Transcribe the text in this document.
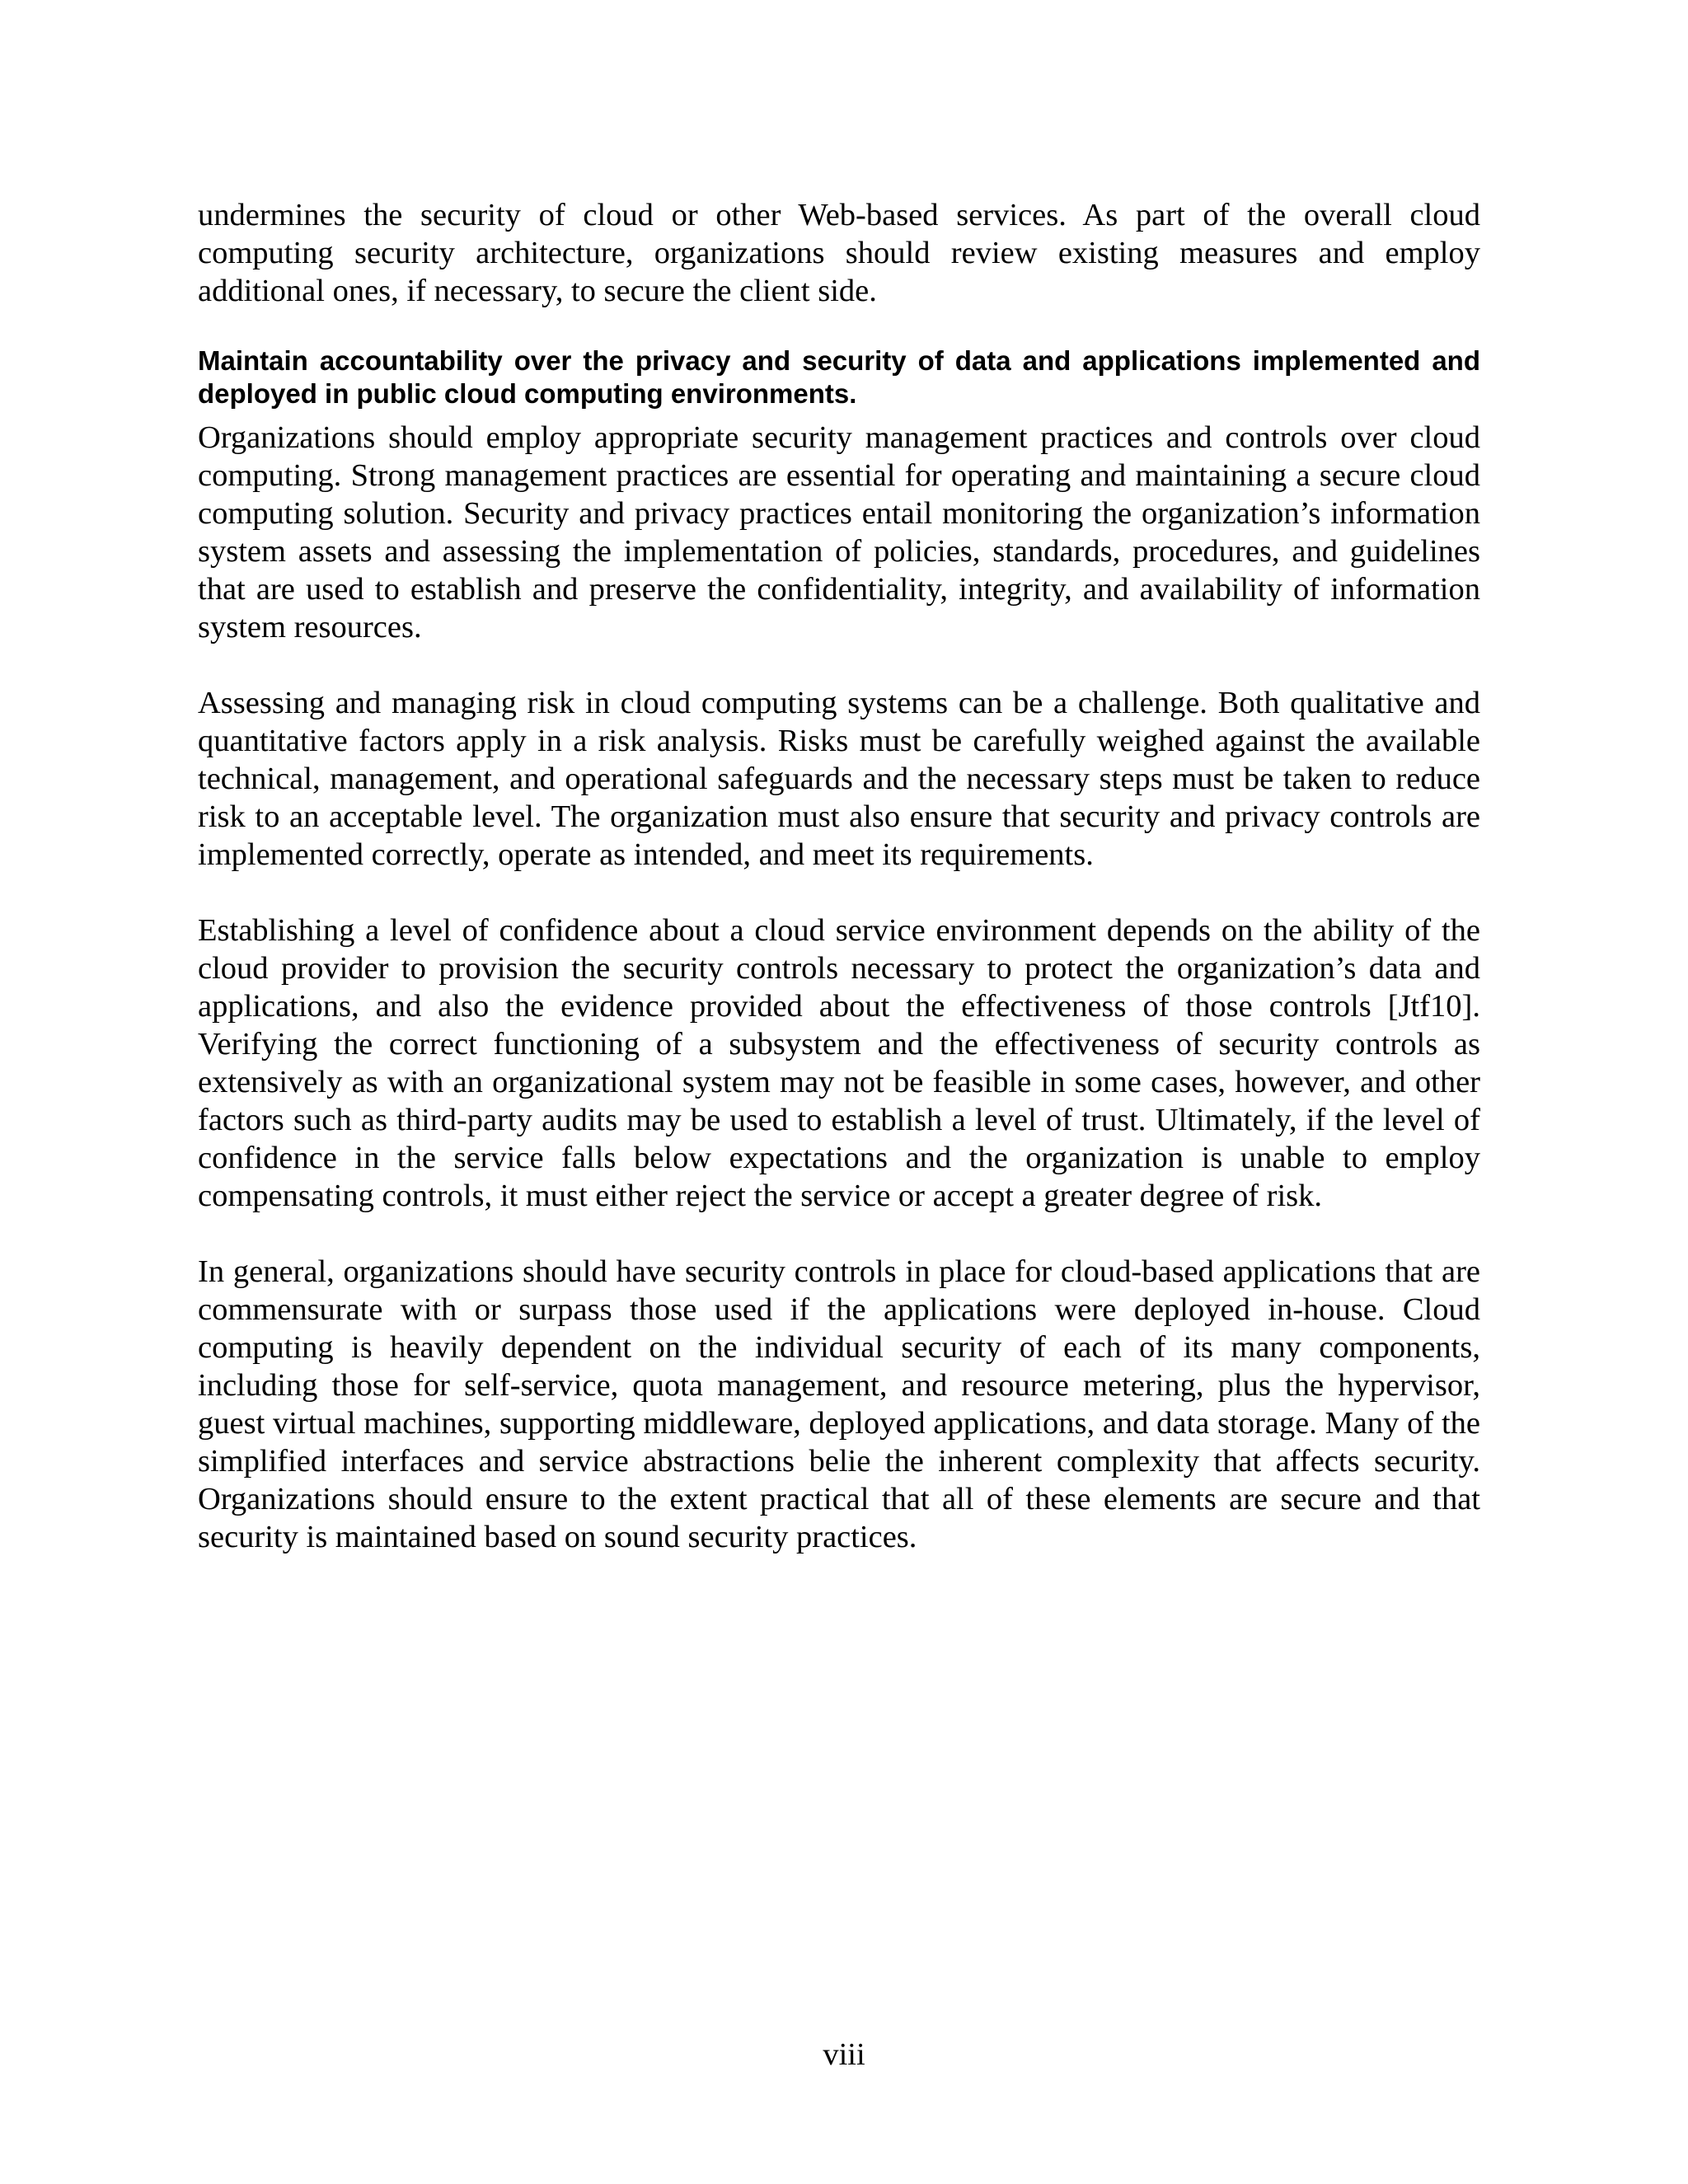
undermines the security of cloud or other Web-based services. As part of the overall cloud computing security architecture, organizations should review existing measures and employ additional ones, if necessary, to secure the client side.

Maintain accountability over the privacy and security of data and applications implemented and deployed in public cloud computing environments.

Organizations should employ appropriate security management practices and controls over cloud computing. Strong management practices are essential for operating and maintaining a secure cloud computing solution. Security and privacy practices entail monitoring the organization’s information system assets and assessing the implementation of policies, standards, procedures, and guidelines that are used to establish and preserve the confidentiality, integrity, and availability of information system resources.

Assessing and managing risk in cloud computing systems can be a challenge. Both qualitative and quantitative factors apply in a risk analysis. Risks must be carefully weighed against the available technical, management, and operational safeguards and the necessary steps must be taken to reduce risk to an acceptable level. The organization must also ensure that security and privacy controls are implemented correctly, operate as intended, and meet its requirements.

Establishing a level of confidence about a cloud service environment depends on the ability of the cloud provider to provision the security controls necessary to protect the organization’s data and applications, and also the evidence provided about the effectiveness of those controls [Jtf10]. Verifying the correct functioning of a subsystem and the effectiveness of security controls as extensively as with an organizational system may not be feasible in some cases, however, and other factors such as third-party audits may be used to establish a level of trust. Ultimately, if the level of confidence in the service falls below expectations and the organization is unable to employ compensating controls, it must either reject the service or accept a greater degree of risk.

In general, organizations should have security controls in place for cloud-based applications that are commensurate with or surpass those used if the applications were deployed in-house. Cloud computing is heavily dependent on the individual security of each of its many components, including those for self-service, quota management, and resource metering, plus the hypervisor, guest virtual machines, supporting middleware, deployed applications, and data storage. Many of the simplified interfaces and service abstractions belie the inherent complexity that affects security. Organizations should ensure to the extent practical that all of these elements are secure and that security is maintained based on sound security practices.

viii
